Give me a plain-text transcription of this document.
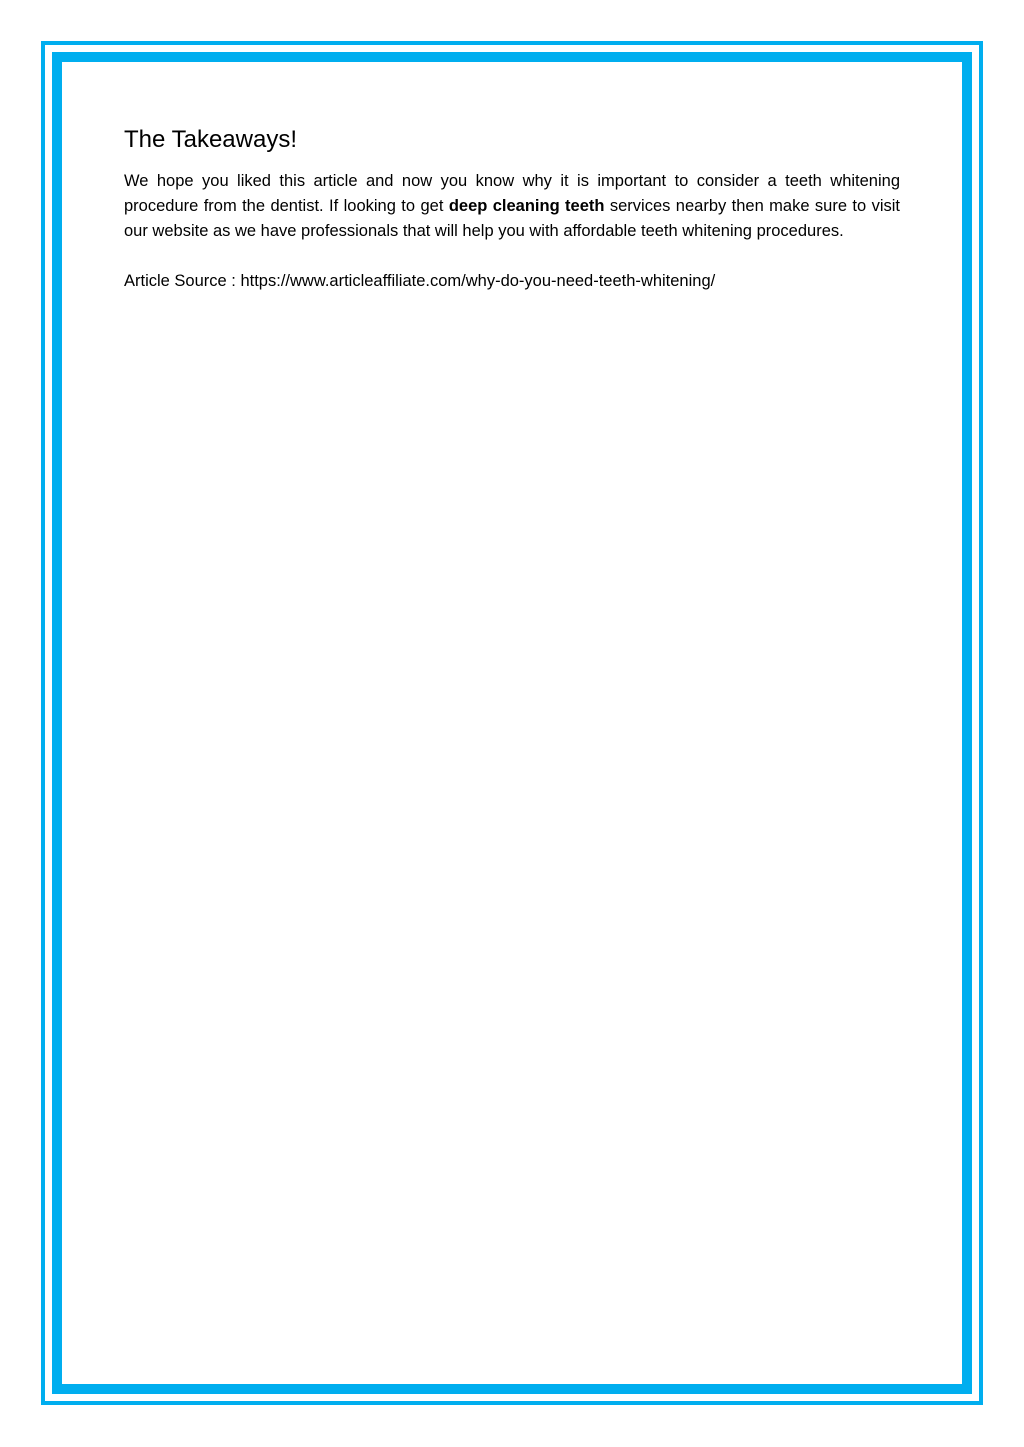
The Takeaways!

We hope you liked this article and now you know why it is important to consider a teeth whitening procedure from the dentist. If looking to get deep cleaning teeth services nearby then make sure to visit our website as we have professionals that will help you with affordable teeth whitening procedures.

Article Source : https://www.articleaffiliate.com/why-do-you-need-teeth-whitening/
